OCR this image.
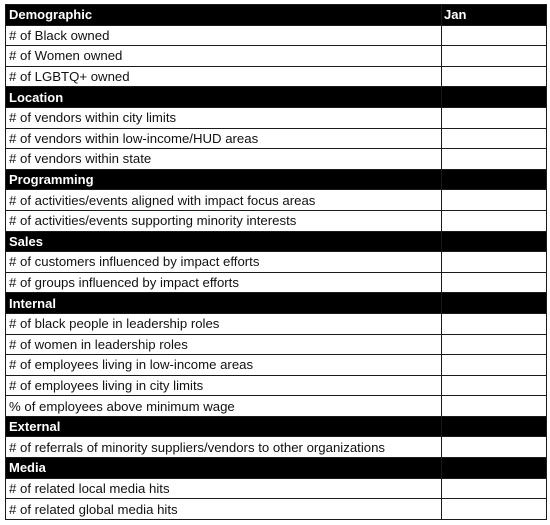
Demographic	Jan
# of Black owned	
# of Women owned	
# of LGBTQ+ owned	
Location	
# of vendors within city limits	
# of vendors within low-income/HUD areas	
# of vendors within state	
Programming	
# of activities/events aligned with impact focus areas	
# of activities/events supporting minority interests	
Sales	
# of customers influenced by impact efforts	
# of groups influenced by impact efforts	
Internal	
# of black people in leadership roles	
# of women in leadership roles	
# of employees living in low-income areas	
# of employees living in city limits	
% of employees above minimum wage	
External	
# of referrals of minority suppliers/vendors to other organizations	
Media	
# of related local media hits	
# of related global media hits	
